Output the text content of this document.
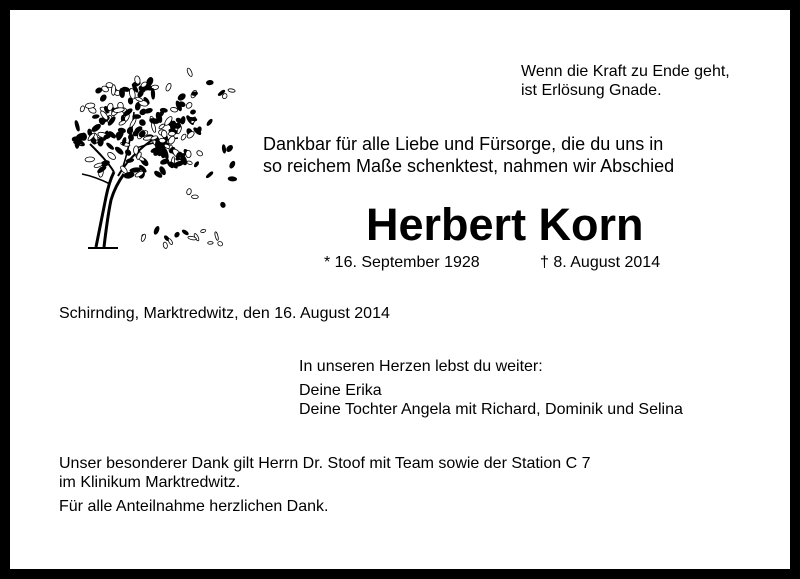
Wenn die Kraft zu Ende geht,
ist Erlösung Gnade.
Dankbar für alle Liebe und Fürsorge, die du uns in
so reichem Maße schenktest, nahmen wir Abschied
Herbert Korn
* 16. September 1928	† 8. August 2014
Schirnding, Marktredwitz, den 16. August 2014
In unseren Herzen lebst du weiter:
Deine Erika
Deine Tochter Angela mit Richard, Dominik und Selina
Unser besonderer Dank gilt Herrn Dr. Stoof mit Team sowie der Station C 7
im Klinikum Marktredwitz.
Für alle Anteilnahme herzlichen Dank.
